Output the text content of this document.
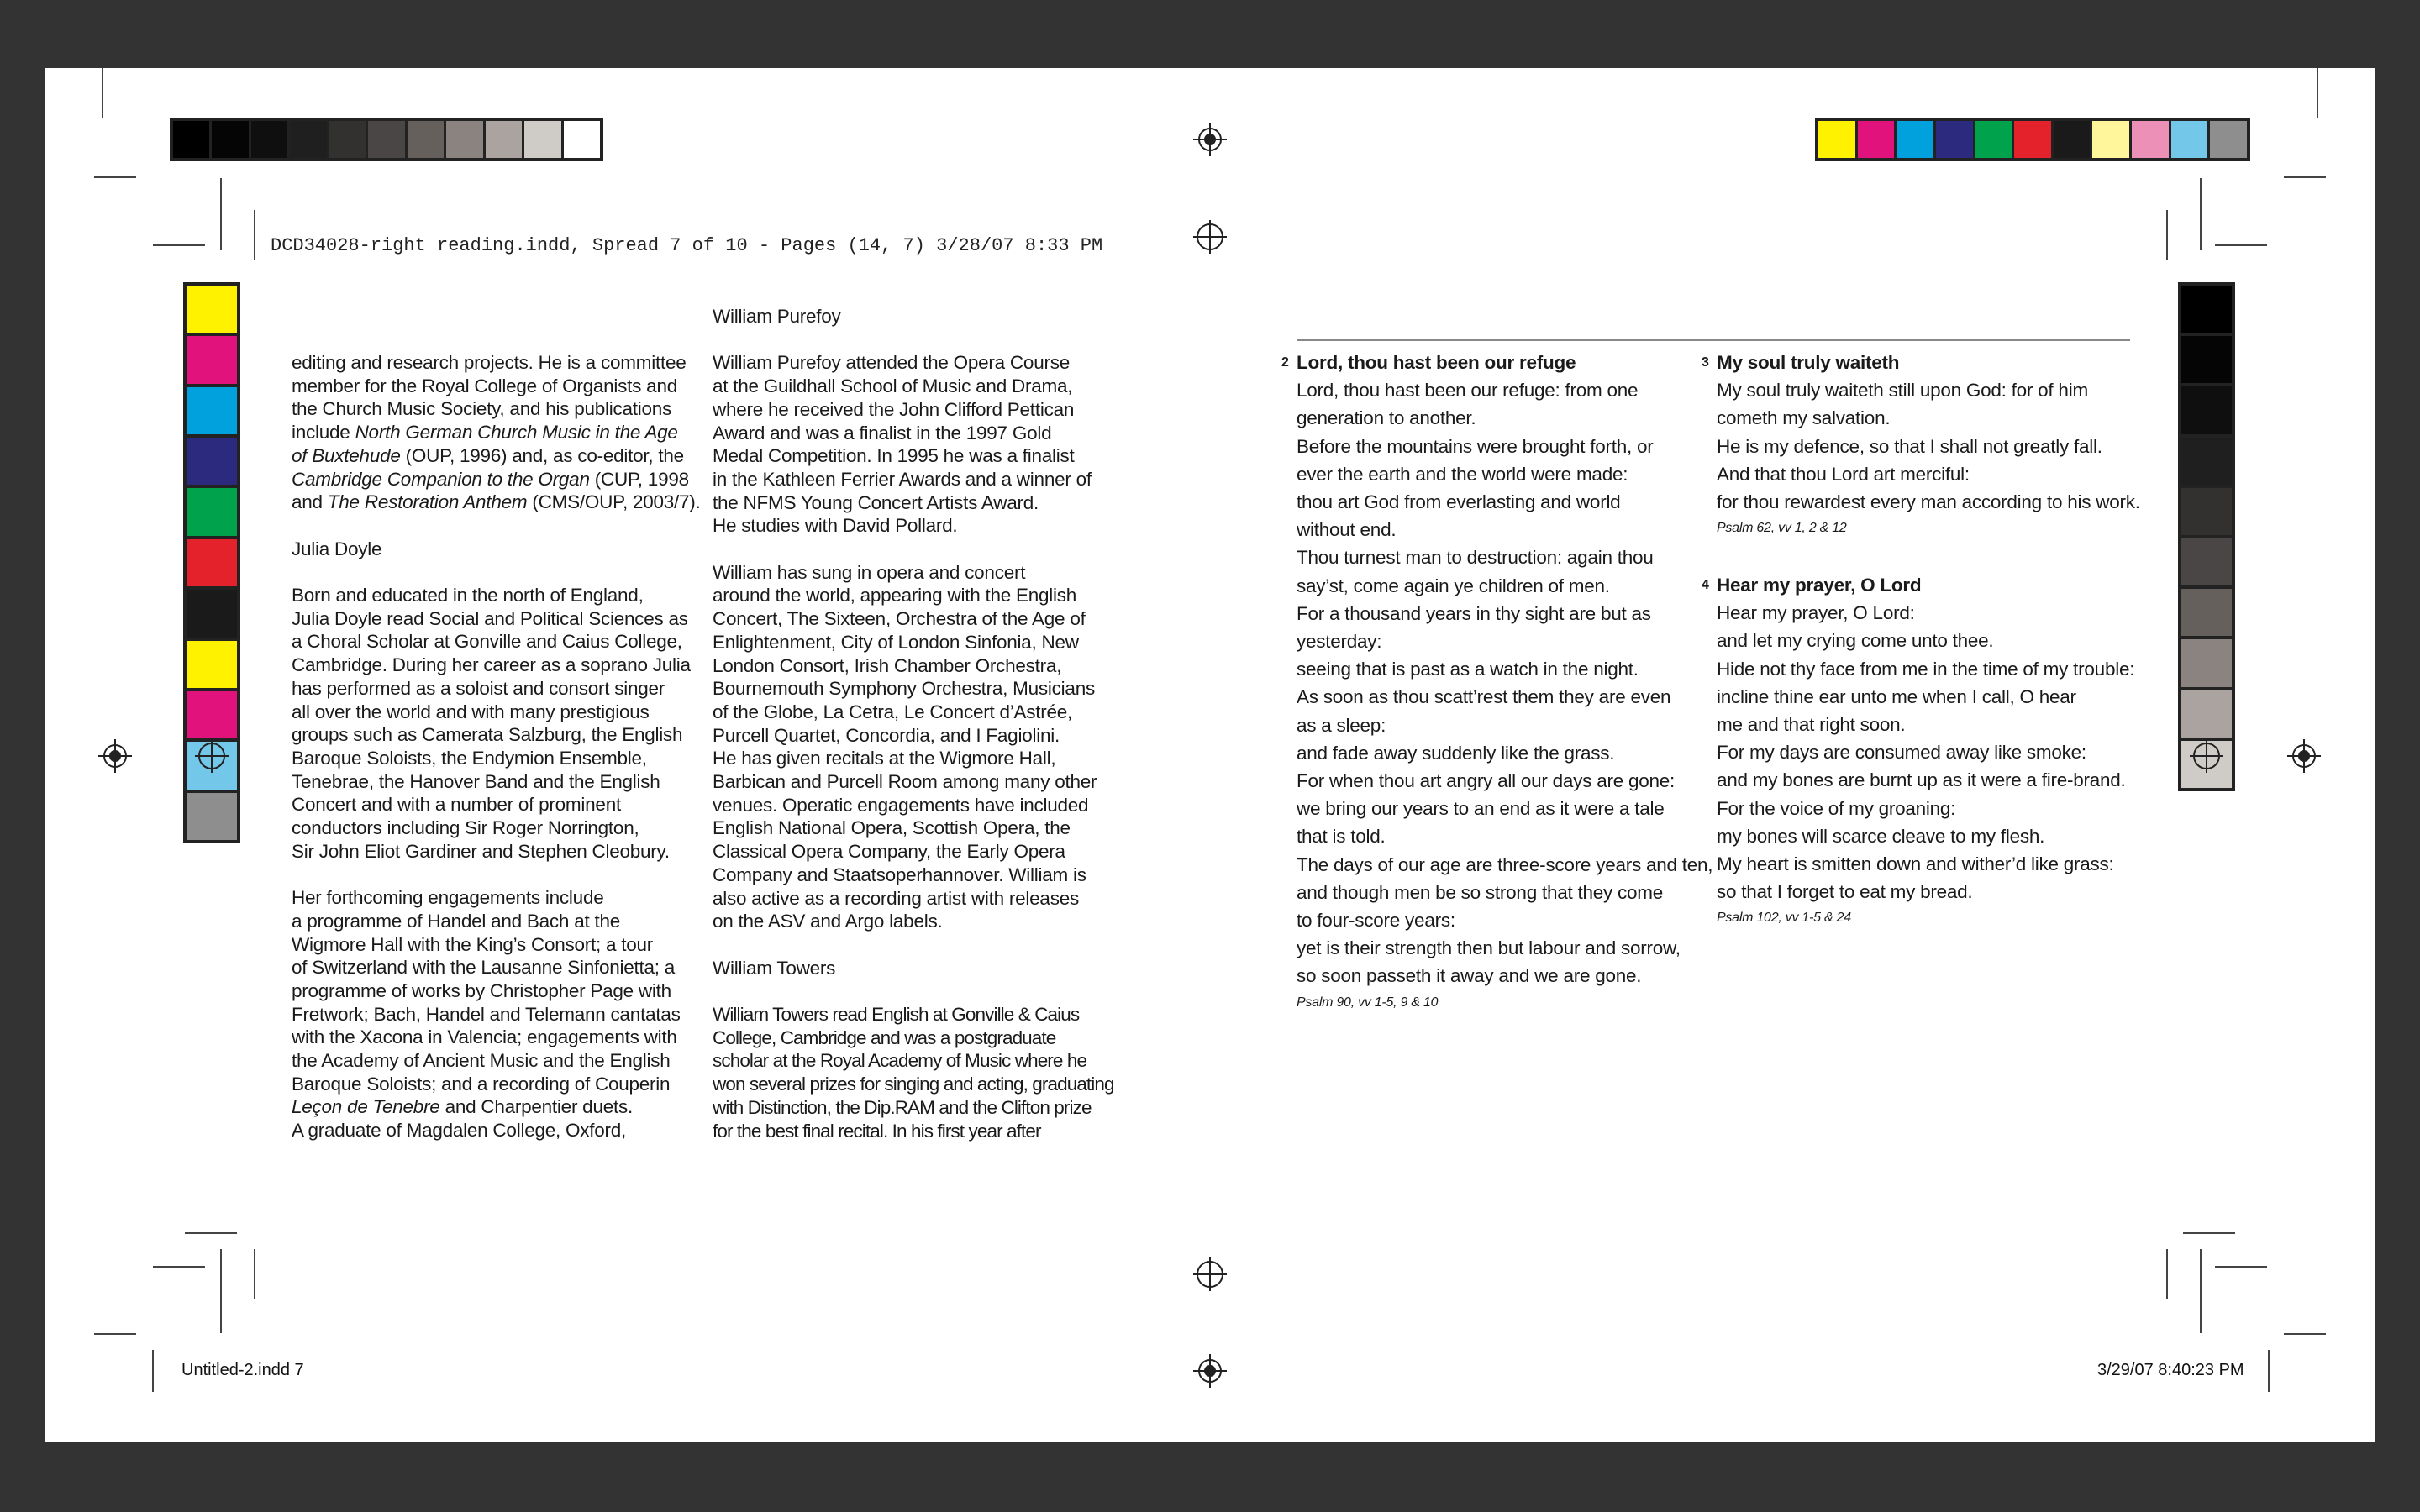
DCD34028-right reading.indd, Spread 7 of 10 - Pages (14, 7) 3/28/07 8:33 PM
Untitled-2.indd 7	3/29/07 8:40:23 PM

editing and research projects. He is a committee

member for the Royal College of Organists and

the Church Music Society, and his publications

include North German Church Music in the Age

of Buxtehude (OUP, 1996) and, as co-editor, the

Cambridge Companion to the Organ (CUP, 1998

and The Restoration Anthem (CMS/OUP, 2003/7).

Julia Doyle

Born and educated in the north of England,

Julia Doyle read Social and Political Sciences as

a Choral Scholar at Gonville and Caius College,

Cambridge. During her career as a soprano Julia

has performed as a soloist and consort singer

all over the world and with many prestigious

groups such as Camerata Salzburg, the English

Baroque Soloists, the Endymion Ensemble,

Tenebrae, the Hanover Band and the English

Concert and with a number of prominent

conductors including Sir Roger Norrington,

Sir John Eliot Gardiner and Stephen Cleobury.

Her forthcoming engagements include

a programme of Handel and Bach at the

Wigmore Hall with the King’s Consort; a tour

of Switzerland with the Lausanne Sinfonietta; a

programme of works by Christopher Page with

Fretwork; Bach, Handel and Telemann cantatas

with the Xacona in Valencia; engagements with

the Academy of Ancient Music and the English

Baroque Soloists; and a recording of Couperin

Leçon de Tenebre and Charpentier duets.

A graduate of Magdalen College, Oxford,

William Purefoy

William Purefoy attended the Opera Course

at the Guildhall School of Music and Drama,

where he received the John Clifford Pettican

Award and was a finalist in the 1997 Gold

Medal Competition. In 1995 he was a finalist

in the Kathleen Ferrier Awards and a winner of

the NFMS Young Concert Artists Award.

He studies with David Pollard.

William has sung in opera and concert

around the world, appearing with the English

Concert, The Sixteen, Orchestra of the Age of

Enlightenment, City of London Sinfonia, New

London Consort, Irish Chamber Orchestra,

Bournemouth Symphony Orchestra, Musicians

of the Globe, La Cetra, Le Concert d’Astrée,

Purcell Quartet, Concordia, and I Fagiolini.

He has given recitals at the Wigmore Hall,

Barbican and Purcell Room among many other

venues. Operatic engagements have included

English National Opera, Scottish Opera, the

Classical Opera Company, the Early Opera

Company and Staatsoperhannover. William is

also active as a recording artist with releases

on the ASV and Argo labels.

William Towers

William Towers read English at Gonville & Caius

College, Cambridge and was a postgraduate

scholar at the Royal Academy of Music where he

won several prizes for singing and acting, graduating

with Distinction, the Dip.RAM and the Clifton prize

for the best final recital. In his first year after

2 Lord, thou hast been our refuge
Lord, thou hast been our refuge: from one
generation to another.
Before the mountains were brought forth, or
ever the earth and the world were made:
thou art God from everlasting and world
without end.
Thou turnest man to destruction: again thou
say’st, come again ye children of men.
For a thousand years in thy sight are but as
yesterday:
seeing that is past as a watch in the night.
As soon as thou scatt’rest them they are even
as a sleep:
and fade away suddenly like the grass.
For when thou art angry all our days are gone:
we bring our years to an end as it were a tale
that is told.
The days of our age are three-score years and ten,
and though men be so strong that they come
to four-score years:
yet is their strength then but labour and sorrow,
so soon passeth it away and we are gone.
Psalm 90, vv 1-5, 9 & 10
3 My soul truly waiteth
My soul truly waiteth still upon God: for of him
cometh my salvation.
He is my defence, so that I shall not greatly fall.
And that thou Lord art merciful:
for thou rewardest every man according to his work.
Psalm 62, vv 1, 2 & 12
4 Hear my prayer, O Lord
Hear my prayer, O Lord:
and let my crying come unto thee.
Hide not thy face from me in the time of my trouble:
incline thine ear unto me when I call, O hear
me and that right soon.
For my days are consumed away like smoke:
and my bones are burnt up as it were a fire-brand.
For the voice of my groaning:
my bones will scarce cleave to my flesh.
My heart is smitten down and wither’d like grass:
so that I forget to eat my bread.
Psalm 102, vv 1-5 & 24
